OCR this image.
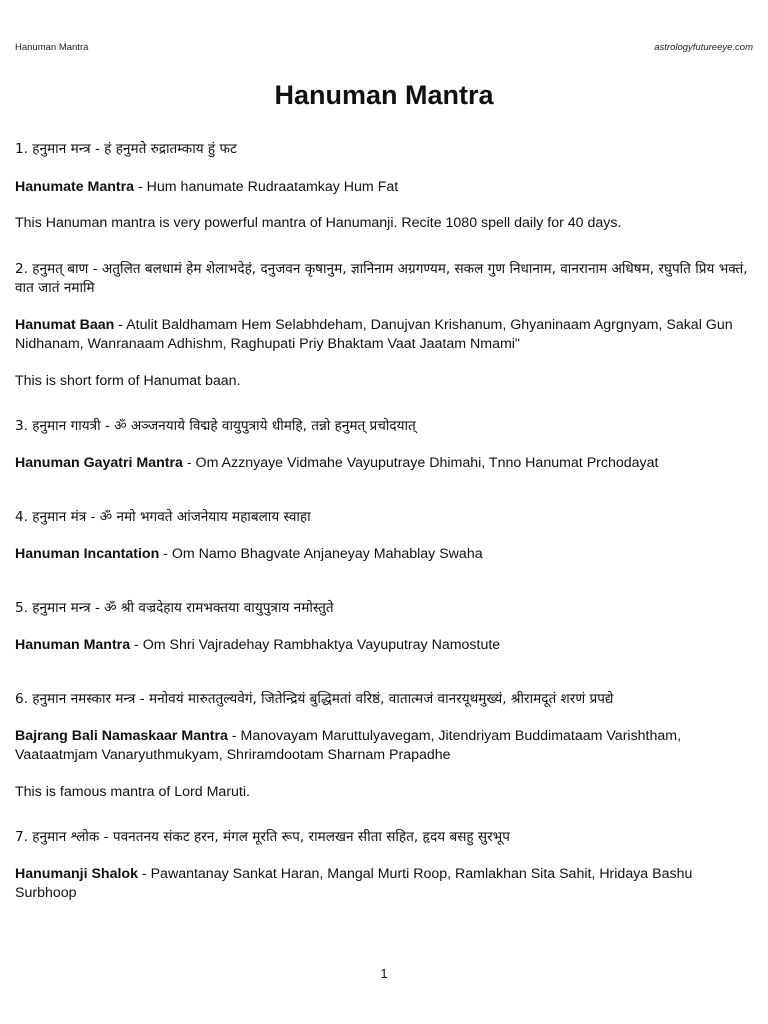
Hanuman Mantra	astrologyfutureeye.com
Hanuman Mantra

1. हनुमान मन्त्र - हं हनुमते रुद्रातम्काय हुं फट

Hanumate Mantra - Hum hanumate Rudraatamkay Hum Fat

This Hanuman mantra is very powerful mantra of Hanumanji. Recite 1080 spell daily for 40 days.

2. हनुमत् बाण - अतुलित बलधामं हेम शेलाभदेहं, दनुजवन कृषानुम, ज्ञानिनाम अग्रगण्यम, सकल गुण निधानाम, वानरानाम अधिषम, रघुपति प्रिय भक्तं, वात जातं नमामि

Hanumat Baan - Atulit Baldhamam Hem Selabhdeham, Danujvan Krishanum, Ghyaninaam Agrgnyam, Sakal Gun Nidhanam, Wanranaam Adhishm, Raghupati Priy Bhaktam Vaat Jaatam Nmami"

This is short form of Hanumat baan.

3. हनुमान गायत्री - ॐ अञ्जनयाये विद्महे वायुपुत्राये धीमहि, तन्नो हनुमत् प्रचोदयात्

Hanuman Gayatri Mantra - Om Azznyaye Vidmahe Vayuputraye Dhimahi, Tnno Hanumat Prchodayat

4. हनुमान मंत्र - ॐ नमो भगवते आंजनेयाय महाबलाय स्वाहा

Hanuman Incantation - Om Namo Bhagvate Anjaneyay Mahablay Swaha

5. हनुमान मन्त्र - ॐ श्री वज्रदेहाय रामभक्तया वायुपुत्राय नमोस्तुते

Hanuman Mantra - Om Shri Vajradehay Rambhaktya Vayuputray Namostute

6. हनुमान नमस्कार मन्त्र - मनोवयं मारुततुल्यवेगं, जितेन्द्रियं बुद्धिमतां वरिष्ठं, वातात्मजं वानरयूथमुख्यं, श्रीरामदूतं शरणं प्रपद्ये

Bajrang Bali Namaskaar Mantra - Manovayam Maruttulyavegam, Jitendriyam Buddimataam Varishtham, Vaataatmjam Vanaryuthmukyam, Shriramdootam Sharnam Prapadhe

This is famous mantra of Lord Maruti.

7. हनुमान श्लोक - पवनतनय संकट हरन, मंगल मूरति रूप, रामलखन सीता सहित, हृदय बसहु सुरभूप

Hanumanji Shalok - Pawantanay Sankat Haran, Mangal Murti Roop, Ramlakhan Sita Sahit, Hridaya Bashu Surbhoop

1
